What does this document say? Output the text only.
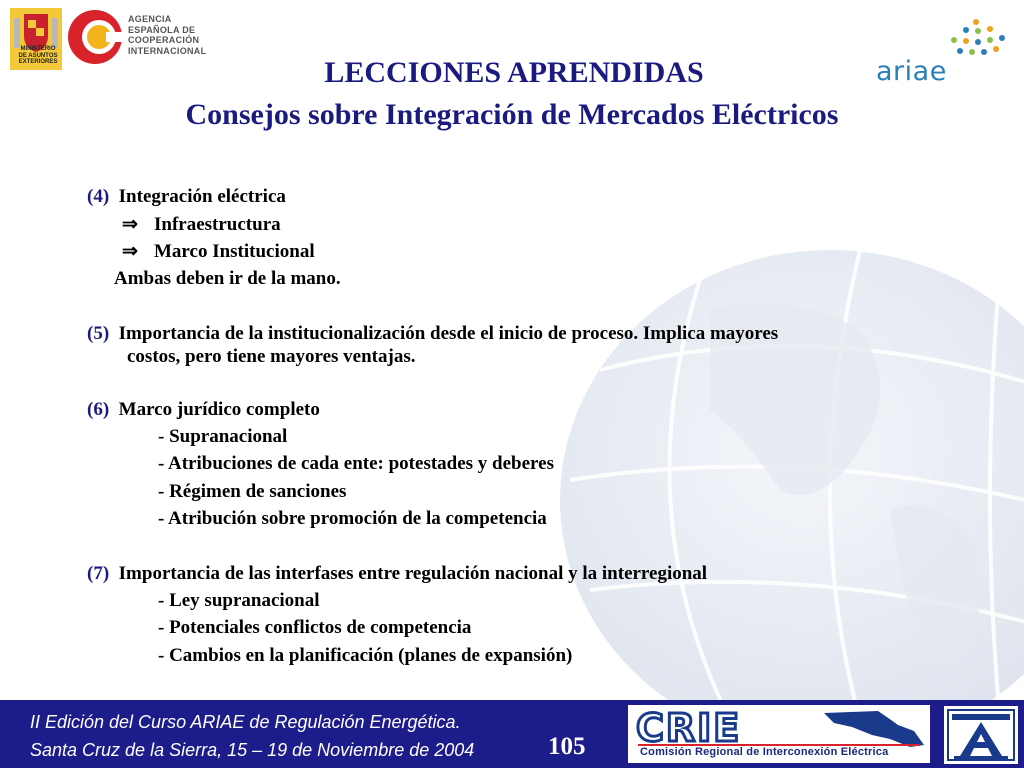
MINISTERIO
DE ASUNTOS
EXTERIORES
AGENCIA
ESPAÑOLA DE
COOPERACIÓN
INTERNACIONAL
ariae
LECCIONES APRENDIDAS
Consejos sobre Integración de Mercados Eléctricos
(4) Integración eléctrica
⇒ Infraestructura
⇒ Marco Institucional
Ambas deben ir de la mano.
(5) Importancia de la institucionalización desde el inicio de proceso. Implica mayores
costos, pero tiene mayores ventajas.
(6) Marco jurídico completo
- Supranacional
- Atribuciones de cada ente: potestades y deberes
- Régimen de sanciones
- Atribución sobre promoción de la competencia
(7) Importancia de las interfases entre regulación nacional y la interregional
- Ley supranacional
- Potenciales conflictos de competencia
- Cambios en la planificación (planes de expansión)
II Edición del Curso ARIAE de Regulación Energética.
Santa Cruz de la Sierra, 15 – 19 de Noviembre de 2004	105 CRIE
Comisión Regional de Interconexión Eléctrica
